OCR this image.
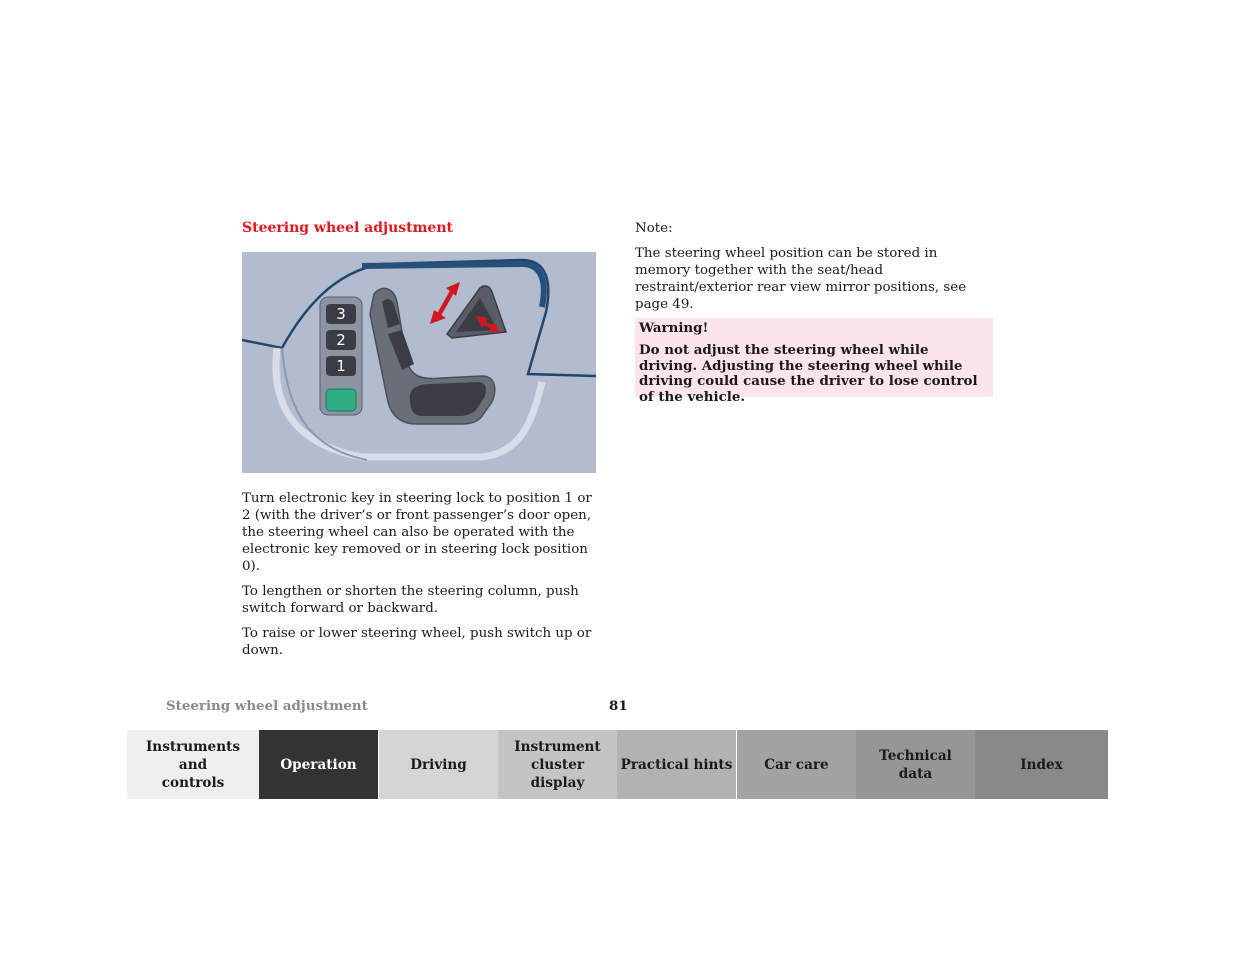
Steering wheel adjustment
3
2
1

Turn electronic key in steering lock to position 1 or 2 (with the driver’s or front passenger’s door open, the steering wheel can also be operated with the electronic key removed or in steering lock position 0).

To lengthen or shorten the steering column, push switch forward or backward.

To raise or lower steering wheel, push switch up or down.

Note:

The steering wheel position can be stored in memory together with the seat/head restraint/exterior rear view mirror positions, see page 49.

Warning!
Do not adjust the steering wheel while driving. Adjusting the steering wheel while driving could cause the driver to lose control of the vehicle.
Steering wheel adjustment	81
Instruments and controls
Operation	Driving
Instrument cluster display
Practical hints Car care
Technical data
Index
